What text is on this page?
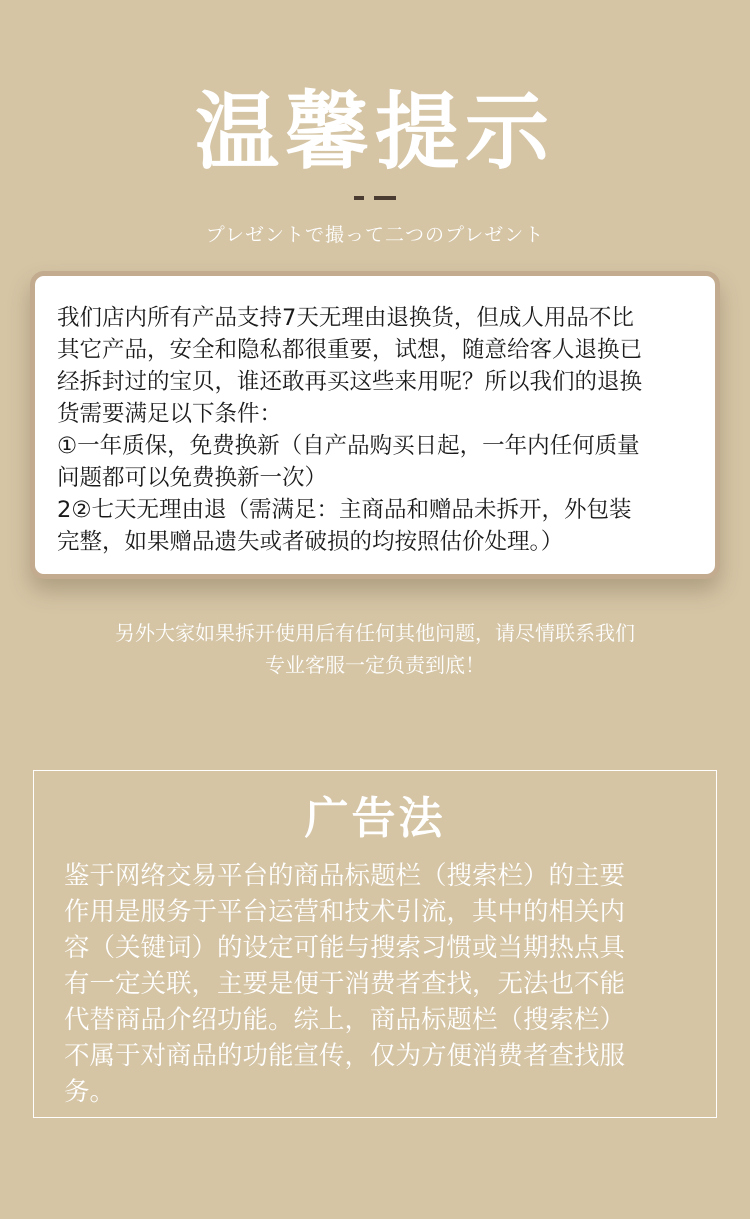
温馨提示
プレゼントで撮って二つのプレゼント
我们店内所有产品支持7天无理由退换货，但成人用品不比
其它产品，安全和隐私都很重要，试想，随意给客人退换已
经拆封过的宝贝，谁还敢再买这些来用呢？所以我们的退换
货需要满足以下条件：
①一年质保，免费换新（自产品购买日起，一年内任何质量
问题都可以免费换新一次）
2②七天无理由退（需满足：主商品和赠品未拆开，外包装
完整，如果赠品遗失或者破损的均按照估价处理。）
另外大家如果拆开使用后有任何其他问题，请尽情联系我们
专业客服一定负责到底！
广告法
鉴于网络交易平台的商品标题栏（搜索栏）的主要
作用是服务于平台运营和技术引流，其中的相关内
容（关键词）的设定可能与搜索习惯或当期热点具
有一定关联，主要是便于消费者查找，无法也不能
代替商品介绍功能。综上，商品标题栏（搜索栏）
不属于对商品的功能宣传，仅为方便消费者查找服
务。
